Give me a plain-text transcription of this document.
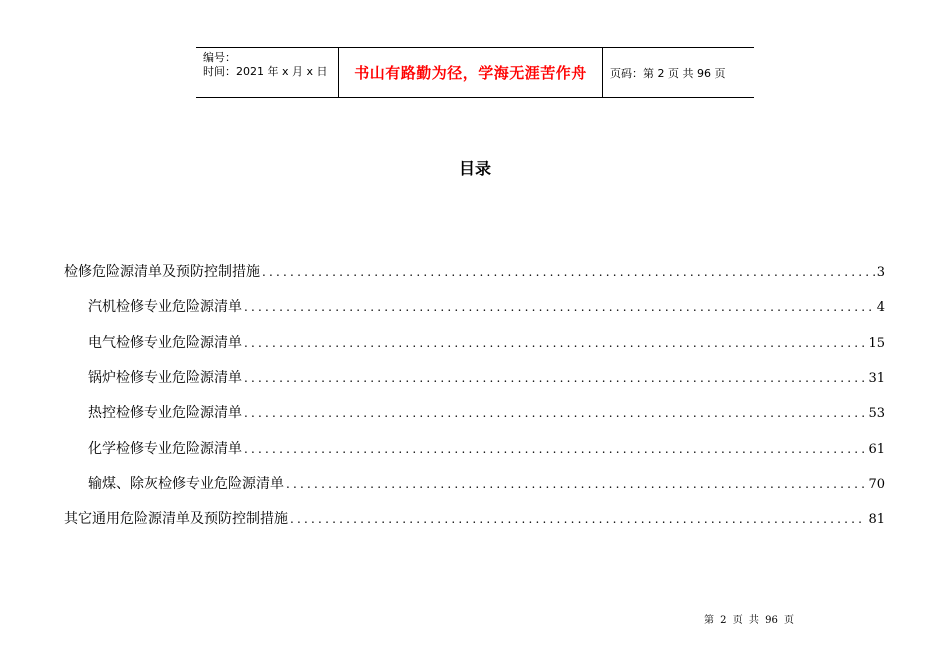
编号：
时间：2021 年 x 月 x 日	书山有路勤为径，学海无涯苦作舟 页码：第 2 页 共 96 页
目录
检修危险源清单及预防控制措施 .....	3
汽机检修专业危险源清单 .....	4
电气检修专业危险源清单 .....	15
锅炉检修专业危险源清单 .....	31
热控检修专业危险源清单 .....	53
化学检修专业危险源清单 .....	61
输煤、除灰检修专业危险源清单 .....	70
其它通用危险源清单及预防控制措施 .....	81
第 2 页 共 96 页
